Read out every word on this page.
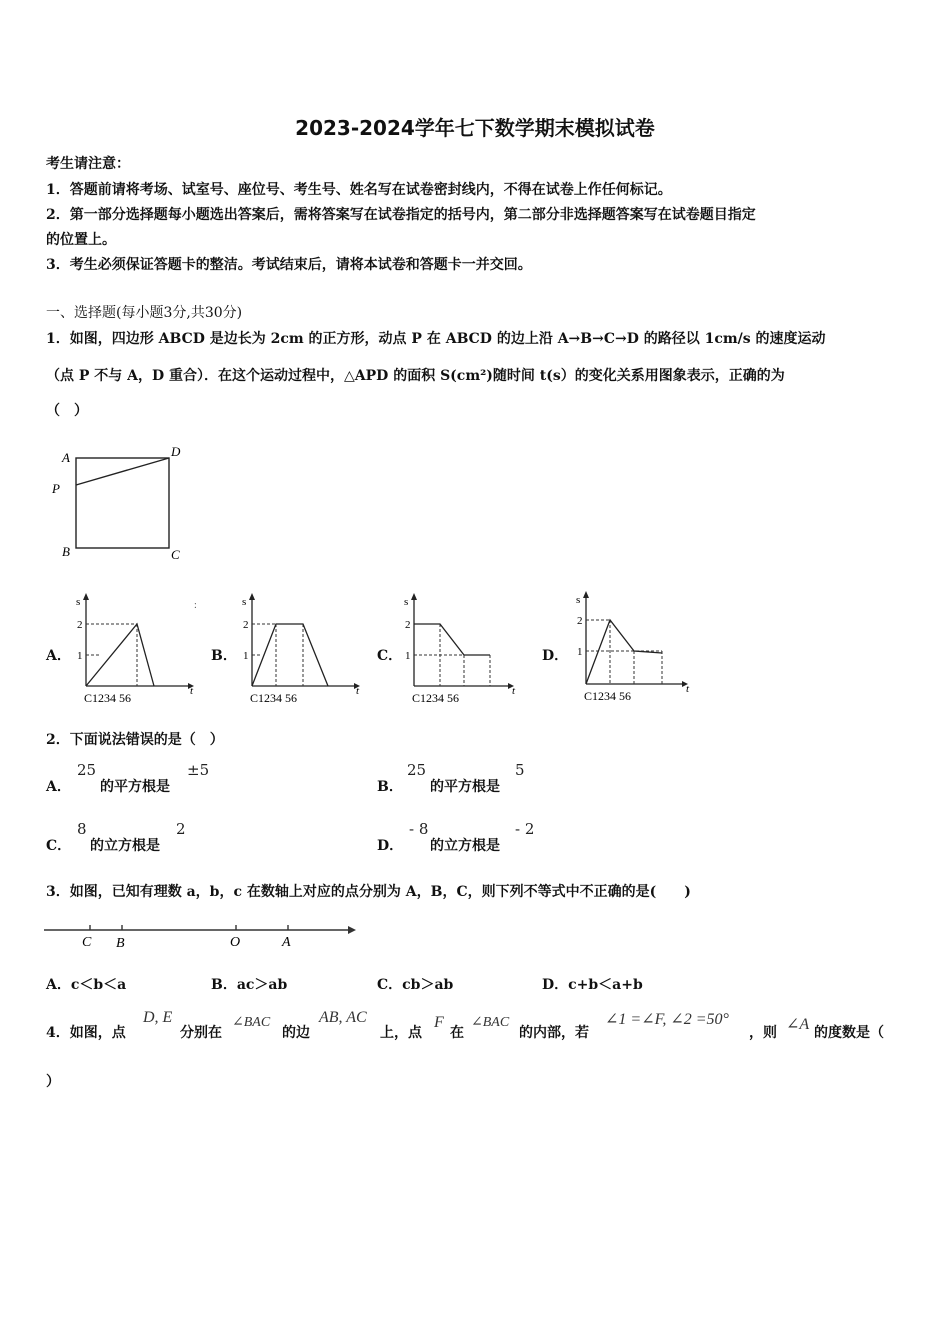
2023-2024学年七下数学期末模拟试卷
考生请注意：
1．答题前请将考场、试室号、座位号、考生号、姓名写在试卷密封线内，不得在试卷上作任何标记。
2．第一部分选择题每小题选出答案后，需将答案写在试卷指定的括号内，第二部分非选择题答案写在试卷题目指定
的位置上。
3．考生必须保证答题卡的整洁。考试结束后，请将本试卷和答题卡一并交回。
一、选择题(每小题3分,共30分)
1．如图，四边形 ABCD 是边长为 2cm 的正方形，动点 P 在 ABCD 的边上沿 A→B→C→D 的路径以 1cm/s 的速度运动
（点 P 不与 A，D 重合）．在这个运动过程中，△APD 的面积 S(cm²)随时间 t(s）的变化关系用图象表示，正确的为
（　）
A	D
P
B	C
A．	B．	C．	D．
s
t
2
1
C1234 56
:	s
t
2
1
C1234 56
s
t
2
1
C1234 56
s
t
2
1
C1234 56
2．下面说法错误的是（　）
A．
25
的平方根是
±5
B．
25
的平方根是
5
C．
8
的立方根是
2
D．
- 8
的立方根是
- 2
3．如图，已知有理数 a，b，c 在数轴上对应的点分别为 A，B，C，则下列不等式中不正确的是(　　)
C B	O	A
A．c＜b＜a	B．ac＞ab	C．cb＞ab	D．c+b＜a+b
4．如图，点
D, E
分别在
∠BAC
的边
AB, AC
上，点
F
在
∠BAC
的内部，若
∠1 =∠F, ∠2 =50°
，则 ∠A 的度数是（
）
